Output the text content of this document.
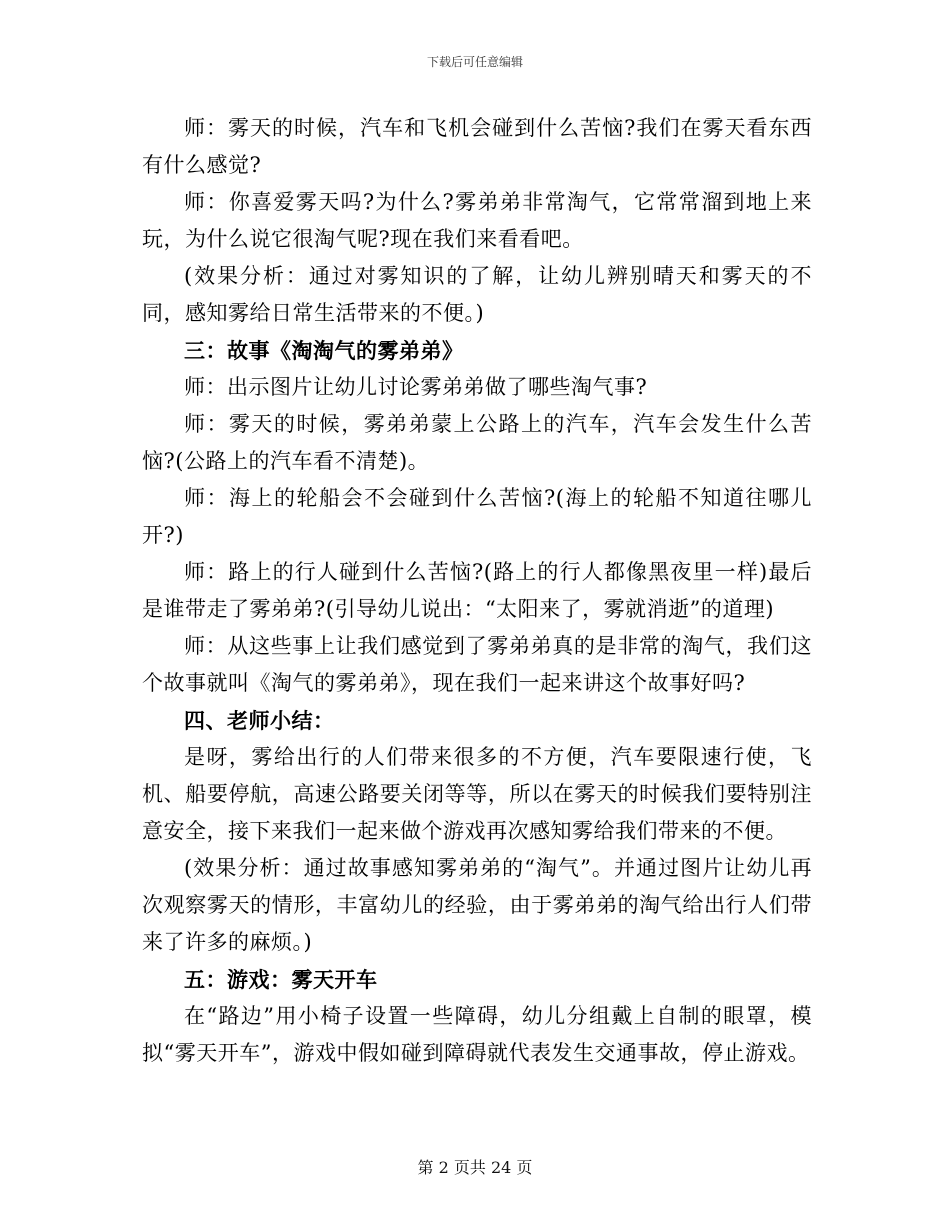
下载后可任意编辑

师：雾天的时候，汽车和飞机会碰到什么苦恼?我们在雾天看东西有什么感觉?

师：你喜爱雾天吗?为什么?雾弟弟非常淘气，它常常溜到地上来玩，为什么说它很淘气呢?现在我们来看看吧。

(效果分析：通过对雾知识的了解，让幼儿辨别晴天和雾天的不同，感知雾给日常生活带来的不便。)

三：故事《淘淘气的雾弟弟》

师：出示图片让幼儿讨论雾弟弟做了哪些淘气事?

师：雾天的时候，雾弟弟蒙上公路上的汽车，汽车会发生什么苦恼?(公路上的汽车看不清楚)。

师：海上的轮船会不会碰到什么苦恼?(海上的轮船不知道往哪儿开?)

师：路上的行人碰到什么苦恼?(路上的行人都像黑夜里一样)最后是谁带走了雾弟弟?(引导幼儿说出：“太阳来了，雾就消逝”的道理)

师：从这些事上让我们感觉到了雾弟弟真的是非常的淘气，我们这个故事就叫《淘气的雾弟弟》，现在我们一起来讲这个故事好吗?

四、老师小结：

是呀，雾给出行的人们带来很多的不方便，汽车要限速行使，飞机、船要停航，高速公路要关闭等等，所以在雾天的时候我们要特别注意安全，接下来我们一起来做个游戏再次感知雾给我们带来的不便。

(效果分析：通过故事感知雾弟弟的“淘气”。并通过图片让幼儿再次观察雾天的情形，丰富幼儿的经验，由于雾弟弟的淘气给出行人们带来了许多的麻烦。)

五：游戏：雾天开车

在“路边”用小椅子设置一些障碍，幼儿分组戴上自制的眼罩，模拟“雾天开车”，游戏中假如碰到障碍就代表发生交通事故，停止游戏。

第 2 页共 24 页
